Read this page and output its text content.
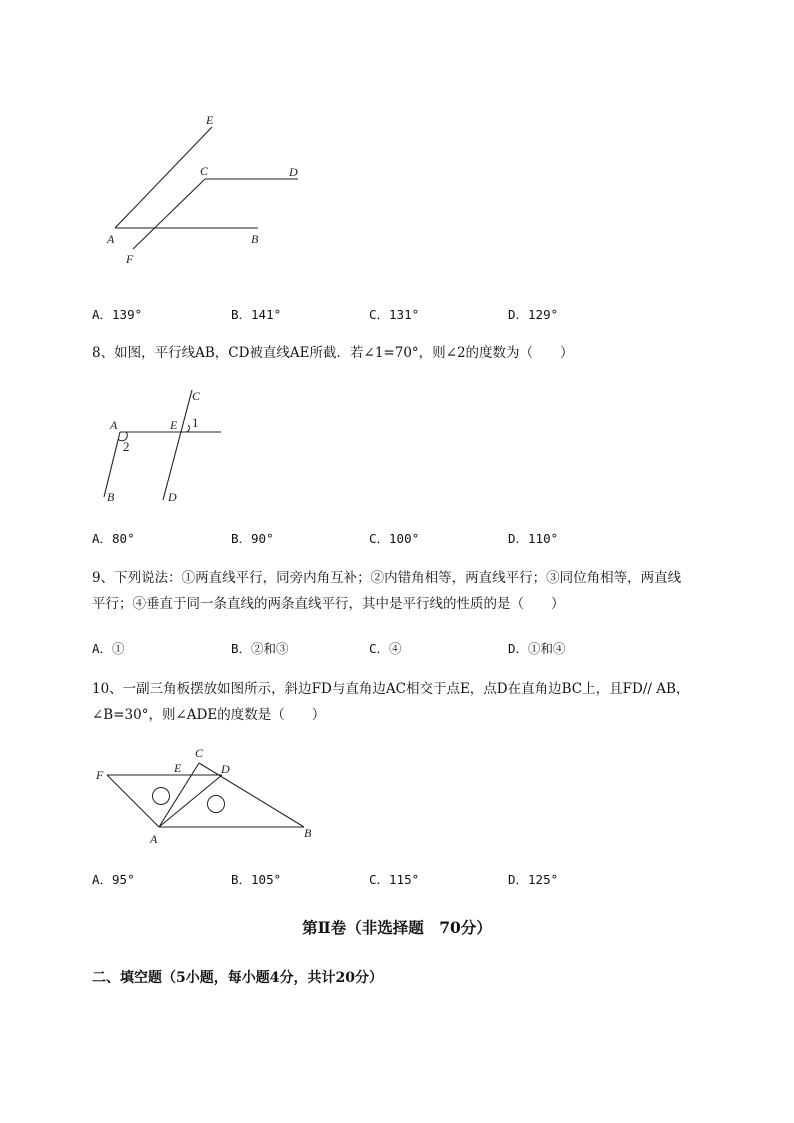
E
C	D
A	B
F
A．139°	B．141°	C．131°	D．129°
8、如图，平行线AB，CD被直线AE所截．若∠1=70°，则∠2的度数为（　　）
C
A	E 1
2
B	D
A．80°	B．90°	C．100°	D．110°
9、下列说法：①两直线平行，同旁内角互补；②内错角相等，两直线平行；③同位角相等，两直线
平行；④垂直于同一条直线的两条直线平行，其中是平行线的性质的是（　　）
A．①	B．②和③	C．④	D．①和④
10、一副三角板摆放如图所示，斜边FD与直角边AC相交于点E，点D在直角边BC上，且FD// AB，
∠B=30°，则∠ADE的度数是（　　）
C
F	E	D
A	B
A．95°	B．105°	C．115°	D．125°
第Ⅱ卷（非选择题　70分）
二、填空题（5小题，每小题4分，共计20分）
